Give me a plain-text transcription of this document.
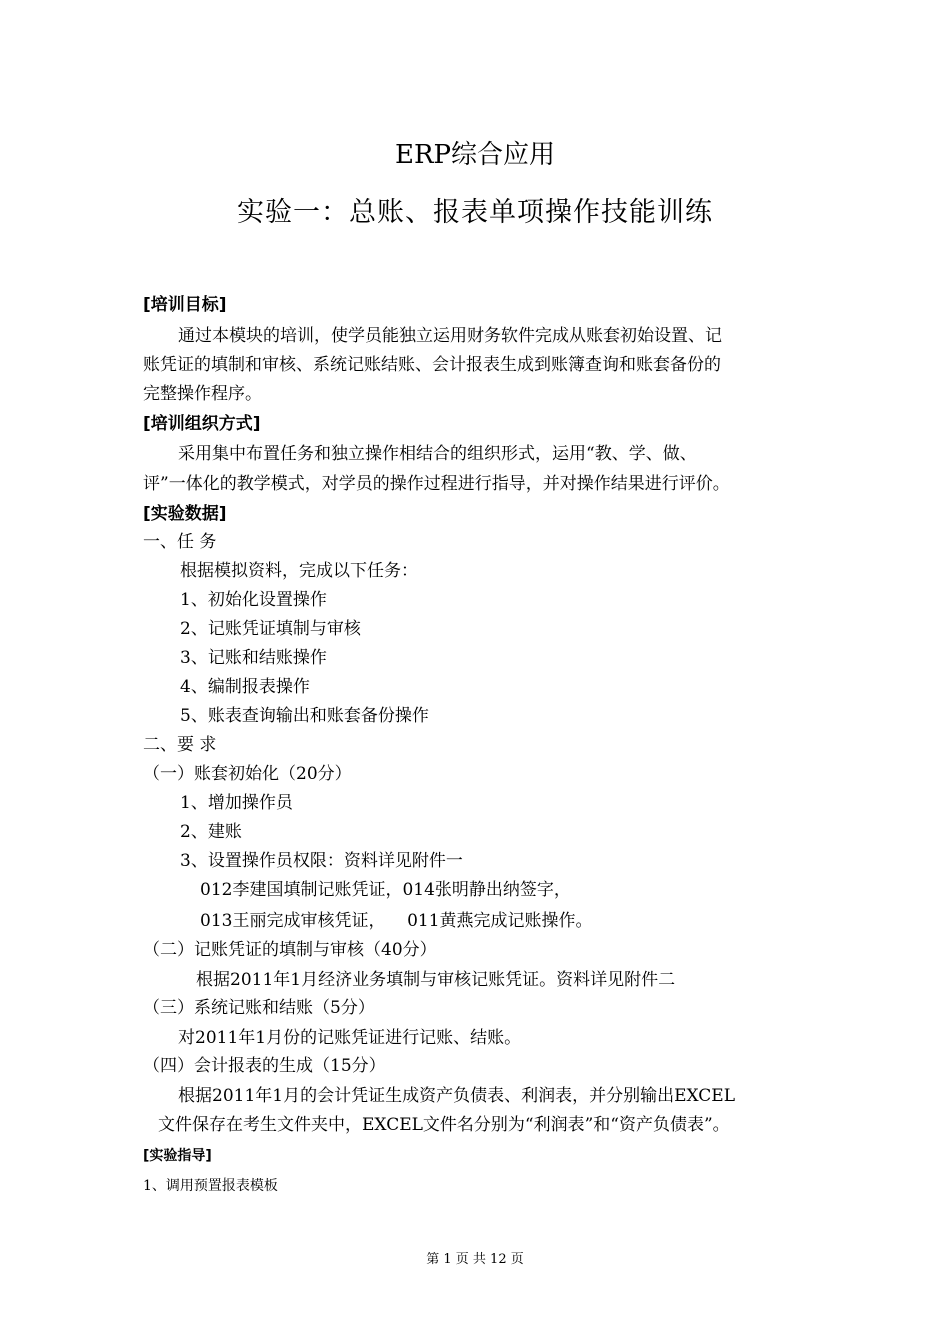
ERP综合应用
实验一：总账、报表单项操作技能训练
[培训目标]
通过本模块的培训，使学员能独立运用财务软件完成从账套初始设置、记
账凭证的填制和审核、系统记账结账、会计报表生成到账簿查询和账套备份的
完整操作程序。
[培训组织方式]
采用集中布置任务和独立操作相结合的组织形式，运用“教、学、做、
评”一体化的教学模式，对学员的操作过程进行指导，并对操作结果进行评价。
[实验数据]
一、任 务
根据模拟资料，完成以下任务：
1、初始化设置操作
2、记账凭证填制与审核
3、记账和结账操作
4、编制报表操作
5、账表查询输出和账套备份操作
二、要 求
（一）账套初始化（20分）
1、增加操作员
2、建账
3、设置操作员权限：资料详见附件一
012李建国填制记账凭证，014张明静出纳签字，
013王丽完成审核凭证，    011黄燕完成记账操作。
（二）记账凭证的填制与审核（40分）
根据2011年1月经济业务填制与审核记账凭证。资料详见附件二
（三）系统记账和结账（5分）
对2011年1月份的记账凭证进行记账、结账。
（四）会计报表的生成（15分）
根据2011年1月的会计凭证生成资产负债表、利润表，并分别输出EXCEL
文件保存在考生文件夹中，EXCEL文件名分别为“利润表”和“资产负债表”。
[实验指导]
1、调用预置报表模板
第 1 页 共 12 页
